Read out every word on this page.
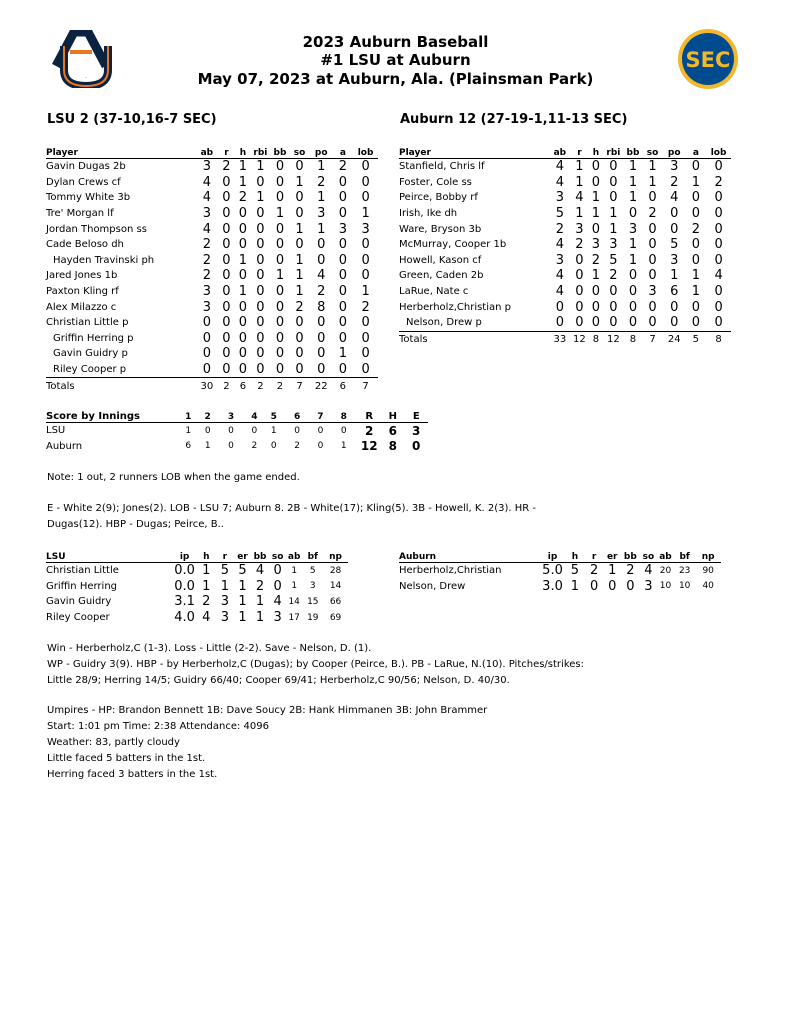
AU
SEC
2023 Auburn Baseball
#1 LSU at Auburn
May 07, 2023 at Auburn, Ala. (Plainsman Park)
LSU 2 (37-10,16-7 SEC)	Auburn 12 (27-19-1,11-13 SEC)
Player	ab	r	h	rbi	bb	so	po	a	lob
Gavin Dugas 2b	3	2	1	1	0	0	1	2	0
Dylan Crews cf	4	0	1	0	0	1	2	0	0
Tommy White 3b	4	0	2	1	0	0	1	0	0
Tre' Morgan lf	3	0	0	0	1	0	3	0	1
Jordan Thompson ss	4	0	0	0	0	1	1	3	3
Cade Beloso dh	2	0	0	0	0	0	0	0	0
Hayden Travinski ph	2	0	1	0	0	1	0	0	0
Jared Jones 1b	2	0	0	0	1	1	4	0	0
Paxton Kling rf	3	0	1	0	0	1	2	0	1
Alex Milazzo c	3	0	0	0	0	2	8	0	2
Christian Little p	0	0	0	0	0	0	0	0	0
Griffin Herring p	0	0	0	0	0	0	0	0	0
Gavin Guidry p	0	0	0	0	0	0	0	1	0
Riley Cooper p	0	0	0	0	0	0	0	0	0
Totals	30	2	6	2	2	7	22	6	7
Player	ab	r	h	rbi	bb	so	po	a	lob
Stanfield, Chris lf	4	1	0	0	1	1	3	0	0
Foster, Cole ss	4	1	0	0	1	1	2	1	2
Peirce, Bobby rf	3	4	1	0	1	0	4	0	0
Irish, Ike dh	5	1	1	1	0	2	0	0	0
Ware, Bryson 3b	2	3	0	1	3	0	0	2	0
McMurray, Cooper 1b	4	2	3	3	1	0	5	0	0
Howell, Kason cf	3	0	2	5	1	0	3	0	0
Green, Caden 2b	4	0	1	2	0	0	1	1	4
LaRue, Nate c	4	0	0	0	0	3	6	1	0
Herberholz,Christian p	0	0	0	0	0	0	0	0	0
Nelson, Drew p	0	0	0	0	0	0	0	0	0
Totals	33	12	8	12	8	7	24	5	8
Score by Innings	1	2	3	4	5	6	7	8	R	H	E
LSU	1	0	0	0	1	0	0	0	2	6	3
Auburn	6	1	0	2	0	2	0	1	12	8	0
Note: 1 out, 2 runners LOB when the game ended.
E - White 2(9); Jones(2). LOB - LSU 7; Auburn 8. 2B - White(17); Kling(5). 3B - Howell, K. 2(3). HR -
Dugas(12). HBP - Dugas; Peirce, B..
LSU	ip	h	r	er	bb	so	ab	bf	np
Christian Little	0.0	1	5	5	4	0	1	5	28
Griffin Herring	0.0	1	1	1	2	0	1	3	14
Gavin Guidry	3.1	2	3	1	1	4	14	15	66
Riley Cooper	4.0	4	3	1	1	3	17	19	69
Auburn	ip	h	r	er	bb	so	ab	bf	np
Herberholz,Christian	5.0	5	2	1	2	4	20	23	90
Nelson, Drew	3.0	1	0	0	0	3	10	10	40
Win - Herberholz,C (1-3). Loss - Little (2-2). Save - Nelson, D. (1).
WP - Guidry 3(9). HBP - by Herberholz,C (Dugas); by Cooper (Peirce, B.). PB - LaRue, N.(10). Pitches/strikes:
Little 28/9; Herring 14/5; Guidry 66/40; Cooper 69/41; Herberholz,C 90/56; Nelson, D. 40/30.
Umpires - HP: Brandon Bennett 1B: Dave Soucy 2B: Hank Himmanen 3B: John Brammer
Start: 1:01 pm Time: 2:38 Attendance: 4096
Weather: 83, partly cloudy
Little faced 5 batters in the 1st.
Herring faced 3 batters in the 1st.
